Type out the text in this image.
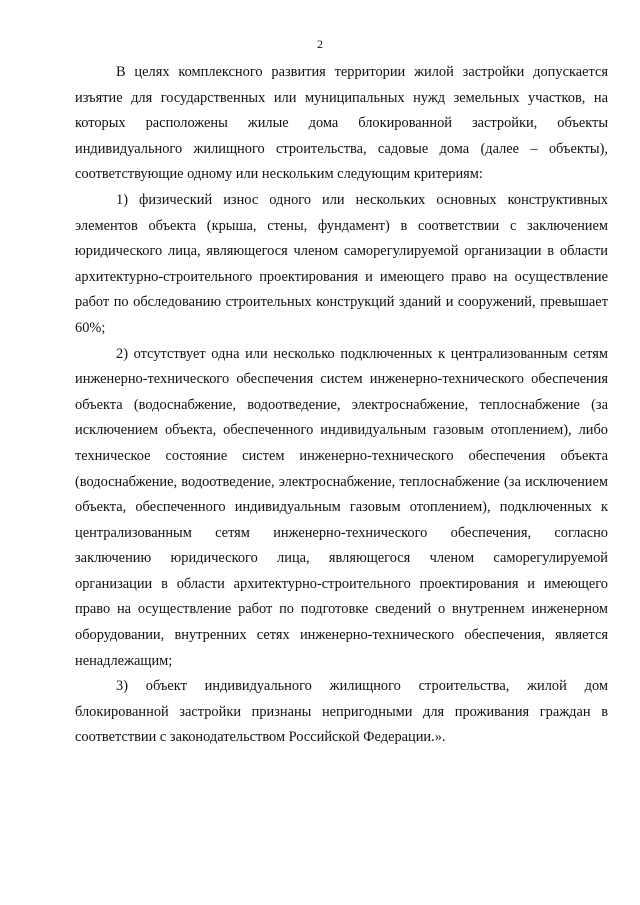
2

В целях комплексного развития территории жилой застройки допускается изъятие для государственных или муниципальных нужд земельных участков, на которых расположены жилые дома блокированной застройки, объекты индивидуального жилищного строительства, садовые дома (далее – объекты), соответствующие одному или нескольким следующим критериям:

1) физический износ одного или нескольких основных конструктивных элементов объекта (крыша, стены, фундамент) в соответствии с заключением юридического лица, являющегося членом саморегулируемой организации в области архитектурно-строительного проектирования и имеющего право на осуществление работ по обследованию строительных конструкций зданий и сооружений, превышает 60%;

2) отсутствует одна или несколько подключенных к централизованным сетям инженерно-технического обеспечения систем инженерно-технического обеспечения объекта (водоснабжение, водоотведение, электроснабжение, теплоснабжение (за исключением объекта, обеспеченного индивидуальным газовым отоплением), либо техническое состояние систем инженерно-технического обеспечения объекта (водоснабжение, водоотведение, электроснабжение, теплоснабжение (за исключением объекта, обеспеченного индивидуальным газовым отоплением), подключенных к централизованным сетям инженерно-технического обеспечения, согласно заключению юридического лица, являющегося членом саморегулируемой организации в области архитектурно-строительного проектирования и имеющего право на осуществление работ по подготовке сведений о внутреннем инженерном оборудовании, внутренних сетях инженерно-технического обеспечения, является ненадлежащим;

3) объект индивидуального жилищного строительства, жилой дом блокированной застройки признаны непригодными для проживания граждан в соответствии с законодательством Российской Федерации.».
